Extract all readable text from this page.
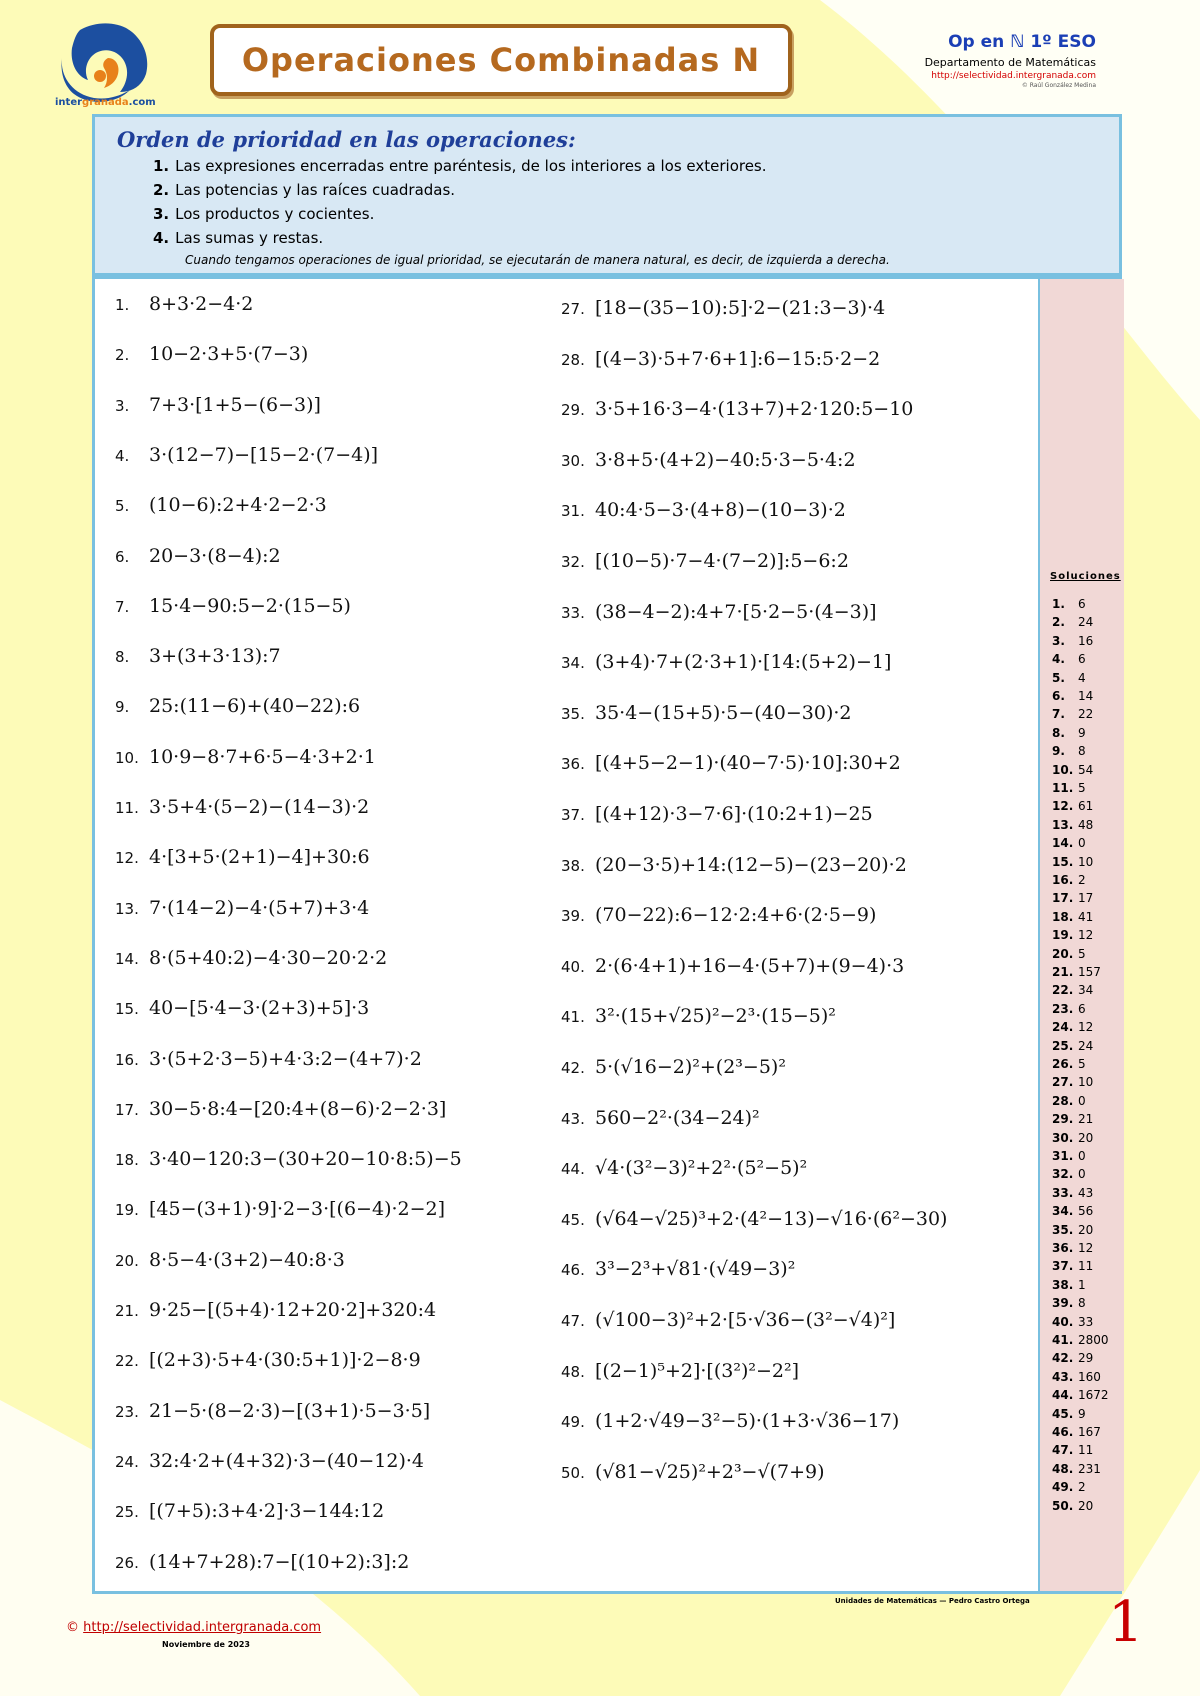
intergranada.com
Operaciones Combinadas N	Op en ℕ 1º ESO
Departamento de Matemáticas
http://selectividad.intergranada.com
© Raúl González Medina
Orden de prioridad en las operaciones:
1. Las expresiones encerradas entre paréntesis, de los interiores a los exteriores.
2. Las potencias y las raíces cuadradas.
3. Los productos y cocientes.
4. Las sumas y restas.
Cuando tengamos operaciones de igual prioridad, se ejecutarán de manera natural, es decir, de izquierda a derecha.
1. 8+3·2−4·2
2. 10−2·3+5·(7−3)
3. 7+3·[1+5−(6−3)]
4. 3·(12−7)−[15−2·(7−4)]
5. (10−6):2+4·2−2·3
6. 20−3·(8−4):2
7. 15·4−90:5−2·(15−5)
8. 3+(3+3·13):7
9. 25:(11−6)+(40−22):6
10. 10·9−8·7+6·5−4·3+2·1
11. 3·5+4·(5−2)−(14−3)·2
12. 4·[3+5·(2+1)−4]+30:6
13. 7·(14−2)−4·(5+7)+3·4
14. 8·(5+40:2)−4·30−20·2·2
15. 40−[5·4−3·(2+3)+5]·3
16. 3·(5+2·3−5)+4·3:2−(4+7)·2
17. 30−5·8:4−[20:4+(8−6)·2−2·3]
18. 3·40−120:3−(30+20−10·8:5)−5
19. [45−(3+1)·9]·2−3·[(6−4)·2−2]
20. 8·5−4·(3+2)−40:8·3
21. 9·25−[(5+4)·12+20·2]+320:4
22. [(2+3)·5+4·(30:5+1)]·2−8·9
23. 21−5·(8−2·3)−[(3+1)·5−3·5]
24. 32:4·2+(4+32)·3−(40−12)·4
25. [(7+5):3+4·2]·3−144:12
26. (14+7+28):7−[(10+2):3]:2
27. [18−(35−10):5]·2−(21:3−3)·4
28. [(4−3)·5+7·6+1]:6−15:5·2−2
29. 3·5+16·3−4·(13+7)+2·120:5−10
30. 3·8+5·(4+2)−40:5·3−5·4:2
31. 40:4·5−3·(4+8)−(10−3)·2
32. [(10−5)·7−4·(7−2)]:5−6:2
33. (38−4−2):4+7·[5·2−5·(4−3)]
34. (3+4)·7+(2·3+1)·[14:(5+2)−1]
35. 35·4−(15+5)·5−(40−30)·2
36. [(4+5−2−1)·(40−7·5)·10]:30+2
37. [(4+12)·3−7·6]·(10:2+1)−25
38. (20−3·5)+14:(12−5)−(23−20)·2
39. (70−22):6−12·2:4+6·(2·5−9)
40. 2·(6·4+1)+16−4·(5+7)+(9−4)·3
41. 3²·(15+√25)²−2³·(15−5)²
42. 5·(√16−2)²+(2³−5)²
43. 560−2²·(34−24)²
44. √4·(3²−3)²+2²·(5²−5)²
45. (√64−√25)³+2·(4²−13)−√16·(6²−30)
46. 3³−2³+√81·(√49−3)²
47. (√100−3)²+2·[5·√36−(3²−√4)²]
48. [(2−1)⁵+2]·[(3²)²−2²]
49. (1+2·√49−3²−5)·(1+3·√36−17)
50. (√81−√25)²+2³−√(7+9)
Soluciones
1. 6
2. 24
3. 16
4. 6
5. 4
6. 14
7. 22
8. 9
9. 8
10. 54
11. 5
12. 61
13. 48
14. 0
15. 10
16. 2
17. 17
18. 41
19. 12
20. 5
21. 157
22. 34
23. 6
24. 12
25. 24
26. 5
27. 10
28. 0
29. 21
30. 20
31. 0
32. 0
33. 43
34. 56
35. 20
36. 12
37. 11
38. 1
39. 8
40. 33
41. 2800
42. 29
43. 160
44. 1672
45. 9
46. 167
47. 11
48. 231
49. 2
50. 20
Unidades de Matemáticas — Pedro Castro Ortega
© http://selectividad.intergranada.com
Noviembre de 2023	1
